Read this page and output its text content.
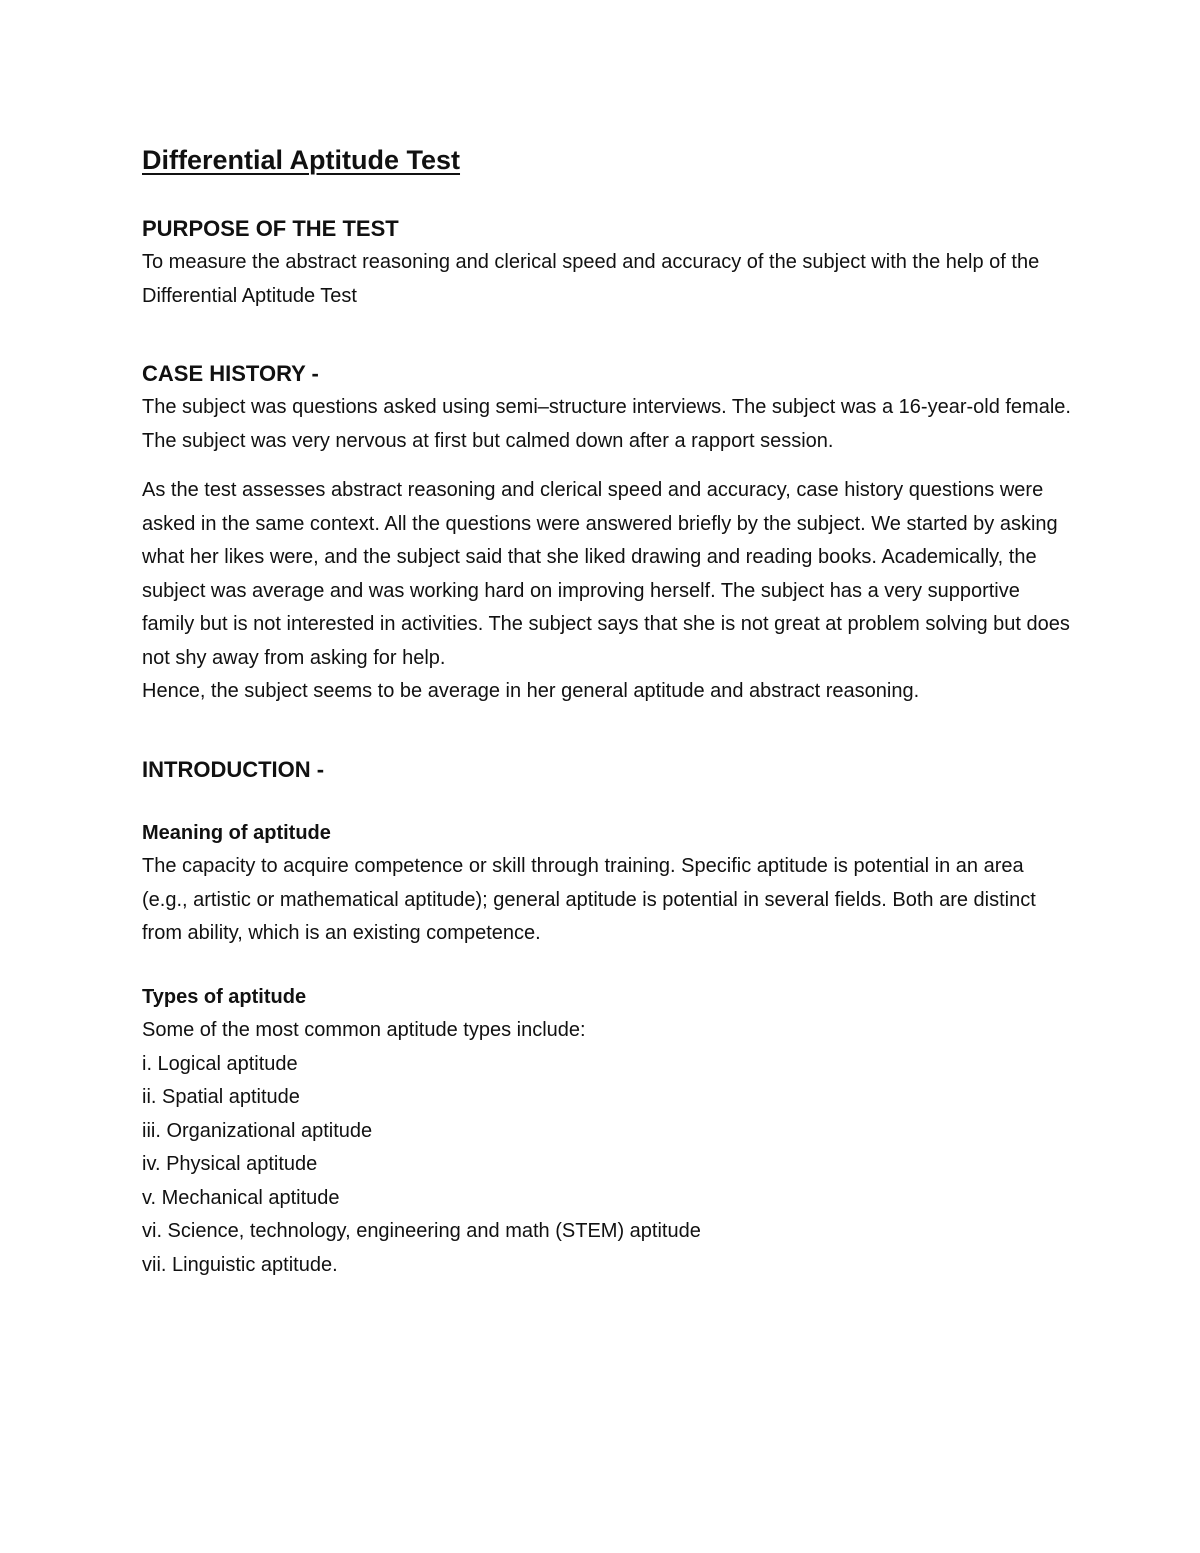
Differential Aptitude Test
PURPOSE OF THE TEST

To measure the abstract reasoning and clerical speed and accuracy of the subject with the help of the Differential Aptitude Test

CASE HISTORY -

The subject was questions asked using semi–structure interviews. The subject was a 16-year-old female. The subject was very nervous at first but calmed down after a rapport session.

As the test assesses abstract reasoning and clerical speed and accuracy, case history questions were asked in the same context. All the questions were answered briefly by the subject. We started by asking what her likes were, and the subject said that she liked drawing and reading books. Academically, the subject was average and was working hard on improving herself. The subject has a very supportive family but is not interested in activities. The subject says that she is not great at problem solving but does not shy away from asking for help.

Hence, the subject seems to be average in her general aptitude and abstract reasoning.

INTRODUCTION -

Meaning of aptitude

The capacity to acquire competence or skill through training. Specific aptitude is potential in an area (e.g., artistic or mathematical aptitude); general aptitude is potential in several fields. Both are distinct from ability, which is an existing competence.

Types of aptitude

Some of the most common aptitude types include:

i. Logical aptitude
ii. Spatial aptitude
iii. Organizational aptitude
iv. Physical aptitude
v. Mechanical aptitude
vi. Science, technology, engineering and math (STEM) aptitude
vii. Linguistic aptitude.
